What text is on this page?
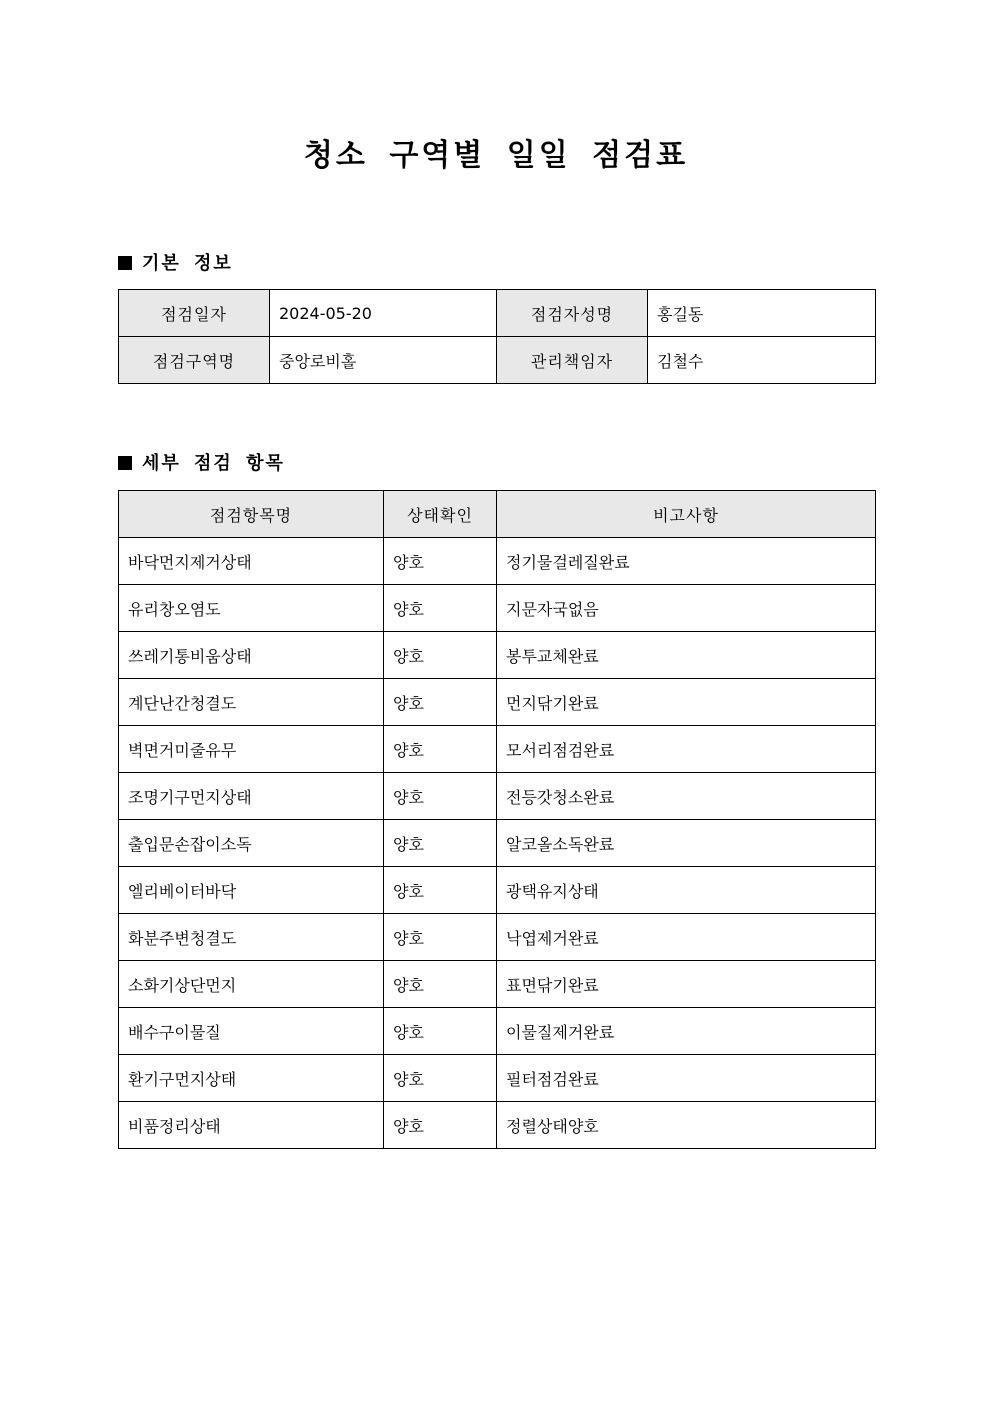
청소 구역별 일일 점검표
기본 정보
점검일자	2024-05-20	점검자성명	홍길동
점검구역명	중앙로비홀	관리책임자	김철수
세부 점검 항목
점검항목명	상태확인	비고사항
바닥먼지제거상태	양호	정기물걸레질완료
유리창오염도	양호	지문자국없음
쓰레기통비움상태	양호	봉투교체완료
계단난간청결도	양호	먼지닦기완료
벽면거미줄유무	양호	모서리점검완료
조명기구먼지상태	양호	전등갓청소완료
출입문손잡이소독	양호	알코올소독완료
엘리베이터바닥	양호	광택유지상태
화분주변청결도	양호	낙엽제거완료
소화기상단먼지	양호	표면닦기완료
배수구이물질	양호	이물질제거완료
환기구먼지상태	양호	필터점검완료
비품정리상태	양호	정렬상태양호
